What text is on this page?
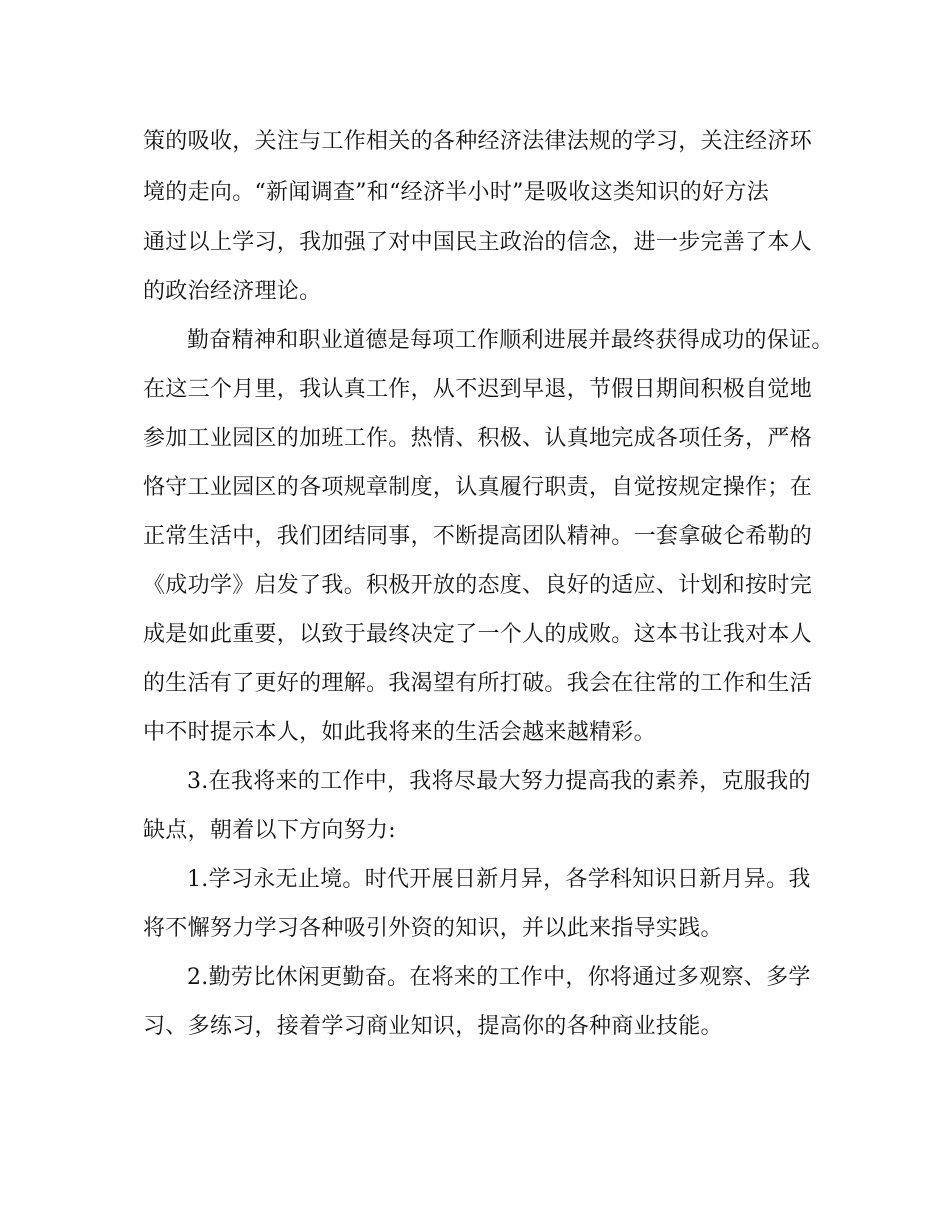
策的吸收，关注与工作相关的各种经济法律法规的学习，关注经济环
境的走向。“新闻调查”和“经济半小时”是吸收这类知识的好方法
通过以上学习，我加强了对中国民主政治的信念，进一步完善了本人
的政治经济理论。
勤奋精神和职业道德是每项工作顺利进展并最终获得成功的保证。
在这三个月里，我认真工作，从不迟到早退，节假日期间积极自觉地
参加工业园区的加班工作。热情、积极、认真地完成各项任务，严格
恪守工业园区的各项规章制度，认真履行职责，自觉按规定操作；在
正常生活中，我们团结同事，不断提高团队精神。一套拿破仑希勒的
《成功学》启发了我。积极开放的态度、良好的适应、计划和按时完
成是如此重要，以致于最终决定了一个人的成败。这本书让我对本人
的生活有了更好的理解。我渴望有所打破。我会在往常的工作和生活
中不时提示本人，如此我将来的生活会越来越精彩。
3.在我将来的工作中，我将尽最大努力提高我的素养，克服我的
缺点，朝着以下方向努力:
1.学习永无止境。时代开展日新月异，各学科知识日新月异。我
将不懈努力学习各种吸引外资的知识，并以此来指导实践。
2.勤劳比休闲更勤奋。在将来的工作中，你将通过多观察、多学
习、多练习，接着学习商业知识，提高你的各种商业技能。
